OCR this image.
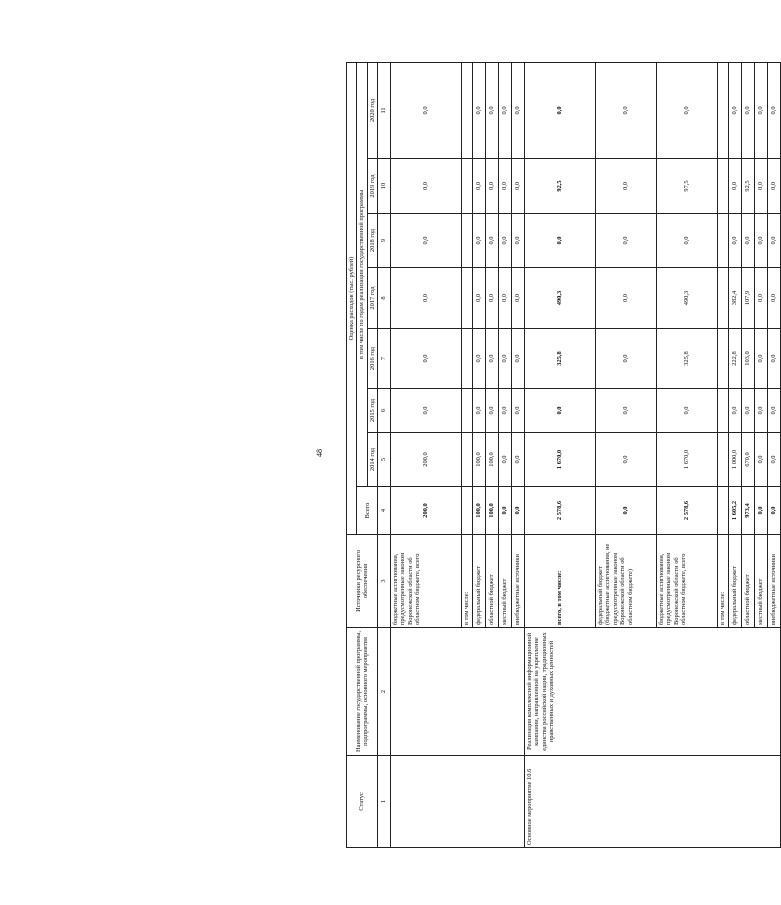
48
Статус	Наименование государственной программы, подпрограммы, основного мероприятия	Источники ресурсного обеспечения	Оценка расходов (тыс. рублей)							
			Всего	в том числе по годам реализации государственной программы						
				2014 год	2015 год	2016 год	2017 год	2018 год	2019 год	2020 год
1	2	3	4	5	6	7	8	9	10	11
		бюджетные ассигнования, предусмотренные законом Воронежской области об областном бюджете, всего	200,0	200,0	0,0	0,0	0,0	0,0	0,0	0,0
		в том числе:								
		федеральный бюджет	100,0	100,0	0,0	0,0	0,0	0,0	0,0	0,0
		областной бюджет	100,0	100,0	0,0	0,0	0,0	0,0	0,0	0,0
		местный бюджет	0,0	0,0	0,0	0,0	0,0	0,0	0,0	0,0
		внебюджетные источники	0,0	0,0	0,0	0,0	0,0	0,0	0,0	0,0
Основное мероприятие 10.6	Реализация комплексной информационной кампании, направленной на укрепление единства российской нации, традиционных нравственных и духовных ценностей	всего, в том числе:	2 578,6	1 670,0	0,0	325,8	490,3	0,0	92,5	0,0
		федеральный бюджет (бюджетные ассигнования, не предусмотренные законом Воронежской области об областном бюджете)	0,0	0,0	0,0	0,0	0,0	0,0	0,0	0,0
		бюджетные ассигнования, предусмотренные законом Воронежской области об областном бюджете, всего	2 578,6	1 670,0	0,0	325,8	490,3	0,0	97,5	0,0
		в том числе:								
		федеральный бюджет	1 605,2	1 000,0	0,0	222,8	382,4	0,0	0,0	0,0
		областной бюджет	973,4	670,0	0,0	103,0	107,9	0,0	92,5	0,0
		местный бюджет	0,0	0,0	0,0	0,0	0,0	0,0	0,0	0,0
		внебюджетные источники	0,0	0,0	0,0	0,0	0,0	0,0	0,0	0,0
